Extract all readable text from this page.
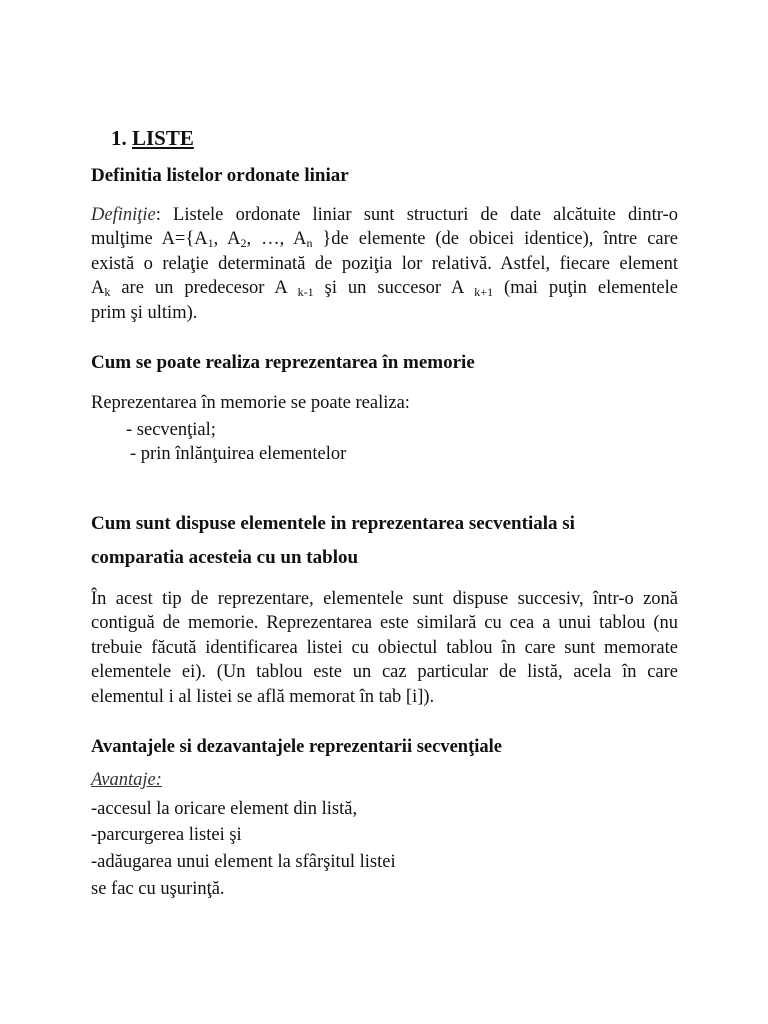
1. LISTE
Definitia listelor ordonate liniar
Definiţie: Listele ordonate liniar sunt structuri de date alcătuite dintr-o
mulţime $A=\{A_1$, $A_2$, …, $A_n$ }de elemente (de obicei identice), între care
există o relaţie determinată de poziţia lor relativă. Astfel, fiecare element
$A_k$ are un predecesor A $_{k-1}$ şi un succesor A $_{k+1}$ (mai puţin elementele
prim şi ultim).
Cum se poate realiza reprezentarea în memorie
Reprezentarea în memorie se poate realiza:
- secvenţial;
- prin înlănţuirea elementelor
Cum sunt dispuse elementele in reprezentarea secventiala si
comparatia acesteia cu un tablou
În acest tip de reprezentare, elementele sunt dispuse succesiv, într-o zonă contiguă de memorie. Reprezentarea este similară cu cea a unui tablou (nu trebuie făcută identificarea listei cu obiectul tablou în care sunt memorate elementele ei). (Un tablou este un caz particular de listă, acela în care elementul i al listei se află memorat în tab [i]).
Avantajele si dezavantajele reprezentarii secvenţiale
Avantaje:
-accesul la oricare element din listă,
-parcurgerea listei şi
-adăugarea unui element la sfârşitul listei
se fac cu uşurinţă.
